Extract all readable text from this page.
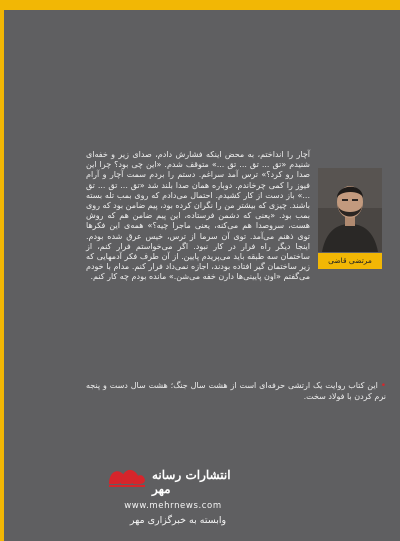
مرتضی قاضی

آچار را انداختم، به محض اینکه فشارش دادم، صدای زیر و خفه‌ای شنیدم «تق ... تق ... تق ...» متوقف شدم. «این چی بود؟ چرا این صدا رو کرد؟» ترس آمد سراغم. دستم را بردم سمت آچار و آرام فیوز را کمی چرخاندم. دوباره همان صدا بلند شد «تق ... تق ... تق ...» باز دست از کار کشیدم. احتمال می‌دادم که روی بمب تله بسته باشند. چیزی که بیشتر من را نگران کرده بود، پیم ضامن بود که روی بمب بود. «یعنی که دشمن فرستاده، این پیم ضامن هم که روش هست، سروصدا هم می‌کنه، یعنی ماجرا چیه؟» همه‌ی این فکرها توی ذهنم می‌آمد. توی آن سرما از ترس، خیس عرق شده بودم. اینجا دیگر راه فرار در کار نبود. اگر می‌خواستم فرار کنم، از ساختمان سه طبقه باید می‌پریدم پایین. از آن طرف فکر آدمهایی که زیر ساختمان گیر افتاده بودند، اجازه نمی‌داد فرار کنم. مدام با خودم می‌گفتم «اون پایینی‌ها دارن خفه می‌شن.» مانده بودم چه کار کنم.

• این کتاب روایت یک ارتشی حرفه‌ای است از هشت سال جنگ؛ هشت سال دست و پنجه نرم کردن با فولاد سخت.

انتشارات رسانه مهر
www.mehrnews.com
وابسته به خبرگزاری مهر
